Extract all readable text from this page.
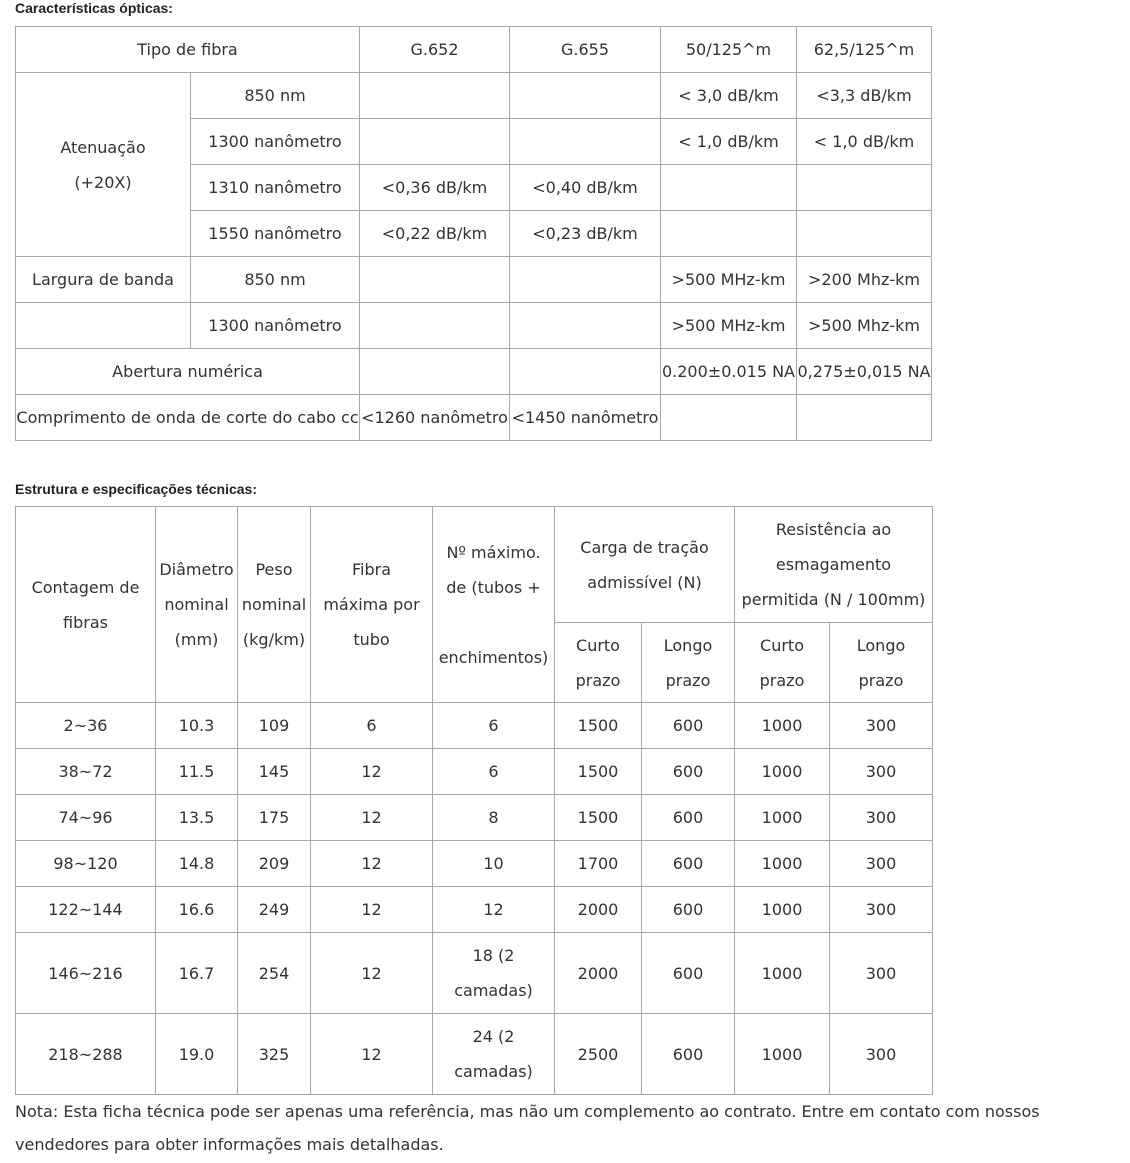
Características ópticas:

Tipo de fibra		G.652	G.655	50/125^m	62,5/125^m

Atenuação
(+20X)	850 nm			< 3,0 dB/km	<3,3 dB/km
	1300 nanômetro			< 1,0 dB/km	< 1,0 dB/km
	1310 nanômetro	<0,36 dB/km	<0,40 dB/km		
	1550 nanômetro	<0,22 dB/km	<0,23 dB/km		
Largura de banda	850 nm			>500 MHz-km	>200 Mhz-km
	1300 nanômetro			>500 MHz-km	>500 Mhz-km
Abertura numérica				0.200±0.015 NA	0,275±0,015 NA
Comprimento de onda de corte do cabo cc		<1260 nanômetro	<1450 nanômetro		

Estrutura e especificações técnicas:

Contagem de fibras	Diâmetro nominal (mm)	Peso nominal (kg/km)	Fibra máxima por tubo	Nº máximo.
de (tubos +
enchimentos)	Carga de tração admissível (N)		Resistência ao esmagamento permitida (N / 100mm)	
					Curto prazo	Longo prazo	Curto prazo	Longo prazo
2~36	10.3	109	6	6	1500	600	1000	300
38~72	11.5	145	12	6	1500	600	1000	300
74~96	13.5	175	12	8	1500	600	1000	300
98~120	14.8	209	12	10	1700	600	1000	300
122~144	16.6	249	12	12	2000	600	1000	300
146~216	16.7	254	12	18 (2 camadas)	2000	600	1000	300
218~288	19.0	325	12	24 (2 camadas)	2500	600	1000	300

Nota: Esta ficha técnica pode ser apenas uma referência, mas não um complemento ao contrato. Entre em contato com nossos vendedores para obter informações mais detalhadas.
